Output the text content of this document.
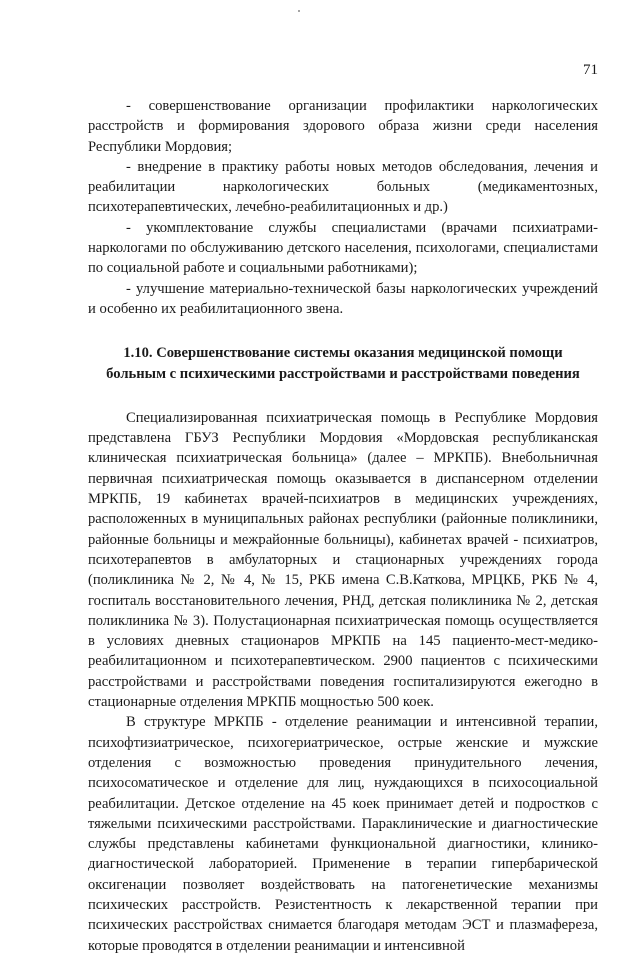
71

- совершенствование организации профилактики наркологических расстройств и формирования здорового образа жизни среди населения Республики Мордовия;

- внедрение в практику работы новых методов обследования, лечения и реабилитации наркологических больных (медикаментозных, психотерапевтических, лечебно-реабилитационных и др.)

- укомплектование службы специалистами (врачами психиатрами-наркологами по обслуживанию детского населения, психологами, специалистами по социальной работе и социальными работниками);

- улучшение материально-технической базы наркологических учреждений и особенно их реабилитационного звена.

1.10. Совершенствование системы оказания медицинской помощи
больным с психическими расстройствами и расстройствами поведения

Специализированная психиатрическая помощь в Республике Мордовия представлена ГБУЗ Республики Мордовия «Мордовская республиканская клиническая психиатрическая больница» (далее – МРКПБ). Внебольничная первичная психиатрическая помощь оказывается в диспансерном отделении МРКПБ, 19 кабинетах врачей-психиатров в медицинских учреждениях, расположенных в муниципальных районах республики (районные поликлиники, районные больницы и межрайонные больницы), кабинетах врачей - психиатров, психотерапевтов в амбулаторных и стационарных учреждениях города (поликлиника № 2, № 4, № 15, РКБ имена С.В.Каткова, МРЦКБ, РКБ № 4, госпиталь восстановительного лечения, РНД, детская поликлиника № 2, детская поликлиника № 3). Полустационарная психиатрическая помощь осуществляется в условиях дневных стационаров МРКПБ на 145 пациенто-мест-медико-реабилитационном и психотерапевтическом. 2900 пациентов с психическими расстройствами и расстройствами поведения госпитализируются ежегодно в стационарные отделения МРКПБ мощностью 500 коек.

В структуре МРКПБ - отделение реанимации и интенсивной терапии, психофтизиатрическое, психогериатрическое, острые женские и мужские отделения с возможностью проведения принудительного лечения, психосоматическое и отделение для лиц, нуждающихся в психосоциальной реабилитации. Детское отделение на 45 коек принимает детей и подростков с тяжелыми психическими расстройствами. Параклинические и диагностические службы представлены кабинетами функциональной диагностики, клинико-диагностической лабораторией. Применение в терапии гипербарической оксигенации позволяет воздействовать на патогенетические механизмы психических расстройств. Резистентность к лекарственной терапии при психических расстройствах снимается благодаря методам ЭСТ и плазмафереза, которые проводятся в отделении реанимации и интенсивной
